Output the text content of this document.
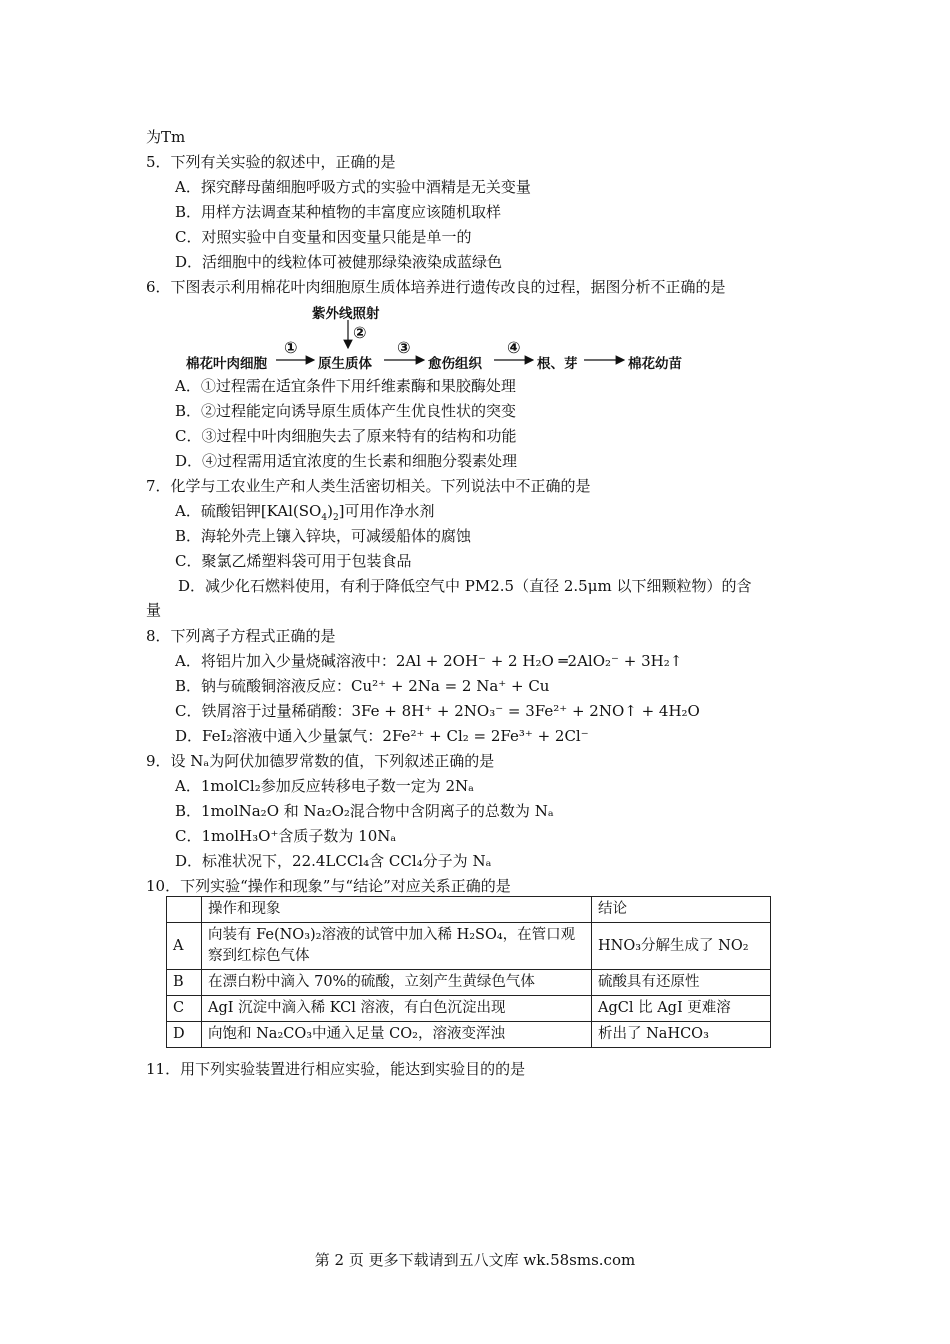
为Tm
5．下列有关实验的叙述中，正确的是
A．探究酵母菌细胞呼吸方式的实验中酒精是无关变量
B．用样方法调查某种植物的丰富度应该随机取样
C．对照实验中自变量和因变量只能是单一的
D．活细胞中的线粒体可被健那绿染液染成蓝绿色
6．下图表示利用棉花叶肉细胞原生质体培养进行遗传改良的过程，据图分析不正确的是
紫外线照射
②
①	③	④
棉花叶肉细胞	原生质体	愈伤组织	根、芽	棉花幼苗
A．①过程需在适宜条件下用纤维素酶和果胶酶处理
B．②过程能定向诱导原生质体产生优良性状的突变
C．③过程中叶肉细胞失去了原来特有的结构和功能
D．④过程需用适宜浓度的生长素和细胞分裂素处理
7．化学与工农业生产和人类生活密切相关。下列说法中不正确的是
A．硫酸铝钾$[KAl(SO_4)_2]$可用作净水剂
B．海轮外壳上镶入锌块，可减缓船体的腐蚀
C．聚氯乙烯塑料袋可用于包装食品
D．减少化石燃料使用，有利于降低空气中 PM2.5（直径 2.5μm 以下细颗粒物）的含
量
8．下列离子方程式正确的是
A．将铝片加入少量烧碱溶液中：2Al + 2OH⁻ + 2 H₂O ═2AlO₂⁻ + 3H₂↑
B．钠与硫酸铜溶液反应：Cu²⁺ + 2Na = 2 Na⁺ + Cu
C．铁屑溶于过量稀硝酸：3Fe + 8H⁺ + 2NO₃⁻ = 3Fe²⁺ + 2NO↑ + 4H₂O
D．FeI₂溶液中通入少量氯气：2Fe²⁺ + Cl₂ = 2Fe³⁺ + 2Cl⁻
9．设 Nₐ为阿伏加德罗常数的值，下列叙述正确的是
A．1molCl₂参加反应转移电子数一定为 2Nₐ
B．1molNa₂O 和 Na₂O₂混合物中含阴离子的总数为 Nₐ
C．1molH₃O⁺含质子数为 10Nₐ
D．标准状况下，22.4LCCl₄含 CCl₄分子为 Nₐ
10．下列实验“操作和现象”与“结论”对应关系正确的是
	操作和现象	结论
A	向装有 Fe(NO₃)₂溶液的试管中加入稀 H₂SO₄，在管口观察到红棕色气体	HNO₃分解生成了 NO₂
B	在漂白粉中滴入 70%的硫酸，立刻产生黄绿色气体	硫酸具有还原性
C	AgI 沉淀中滴入稀 KCl 溶液，有白色沉淀出现	AgCl 比 AgI 更难溶
D	向饱和 Na₂CO₃中通入足量 CO₂，溶液变浑浊	析出了 NaHCO₃
11．用下列实验装置进行相应实验，能达到实验目的的是
第 2 页 更多下载请到五八文库 wk.58sms.com
